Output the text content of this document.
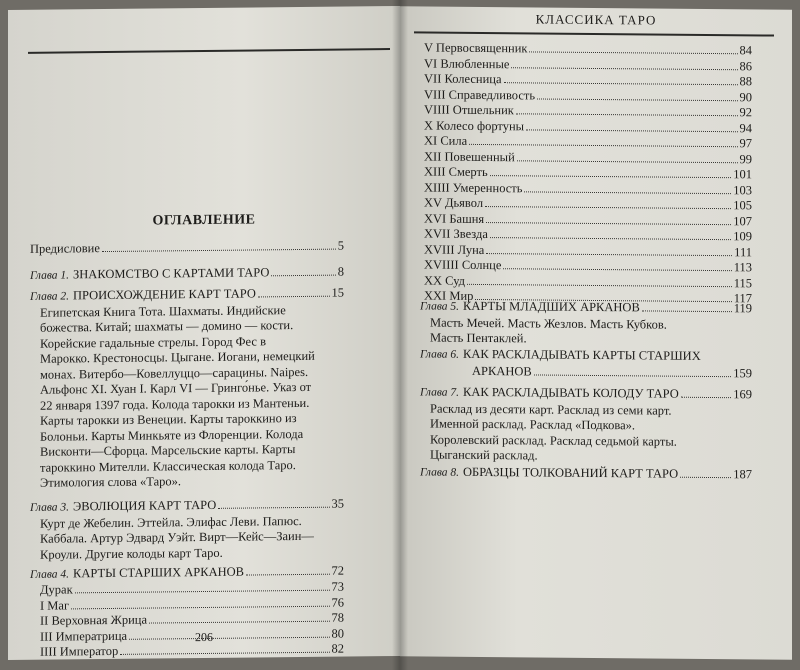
ОГЛАВЛЕНИЕ
Предисловие	5
Глава 1. ЗНАКОМСТВО С КАРТАМИ ТАРО	8
Глава 2. ПРОИСХОЖДЕНИЕ КАРТ ТАРО	15
Египетская Книга Тота. Шахматы. Индийские
божества. Китай; шахматы — домино — кости.
Корейские гадальные стрелы. Город Фес в
Марокко. Крестоносцы. Цыгане. Иогани, немецкий
монах. Витербо—Ковеллуццо—сарацины. Naipes.
Альфонс XI. Хуан I. Карл VI — Гринго́нье. Указ от
22 января 1397 года. Колода тарокки из Мантеньи.
Карты тарокки из Венеции. Карты тароккино из
Болоньи. Карты Минкьяте из Флоренции. Колода
Висконти—Сфорца. Марсельские карты. Карты
тароккино Мителли. Классическая колода Таро.
Этимология слова «Таро».
Глава 3. ЭВОЛЮЦИЯ КАРТ ТАРО	35
Курт де Жебелин. Эттейла. Элифас Леви. Папюс.
Каббала. Артур Эдвард Уэйт. Вирт—Кейс—Заин—
Кроули. Другие колоды карт Таро.
Глава 4. КАРТЫ СТАРШИХ АРКАНОВ	72
Дурак	73
I Маг	76
II Верховная Жрица	78
III Императрица	80
IIII Император	82
206
КЛАССИКА ТАРО
V Первосвященник	84
VI Влюбленные	86
VII Колесница	88
VIII Справедливость	90
VIIII Отшельник	92
X Колесо фортуны	94
XI Сила	97
XII Повешенный	99
XIII Смерть	101
XIIII Умеренность	103
XV Дьявол	105
XVI Башня	107
XVII Звезда	109
XVIII Луна	111
XVIIII Солнце	113
XX Суд	115
XXI Мир	117
Глава 5. КАРТЫ МЛАДШИХ АРКАНОВ	119
Масть Мечей. Масть Жезлов. Масть Кубков.
Масть Пентаклей.
Глава 6. КАК РАСКЛАДЫВАТЬ КАРТЫ СТАРШИХ
АРКАНОВ	159
Глава 7. КАК РАСКЛАДЫВАТЬ КОЛОДУ ТАРО	169
Расклад из десяти карт. Расклад из семи карт.
Именной расклад. Расклад «Подкова».
Королевский расклад. Расклад седьмой карты.
Цыганский расклад.
Глава 8. ОБРАЗЦЫ ТОЛКОВАНИЙ КАРТ ТАРО	187
